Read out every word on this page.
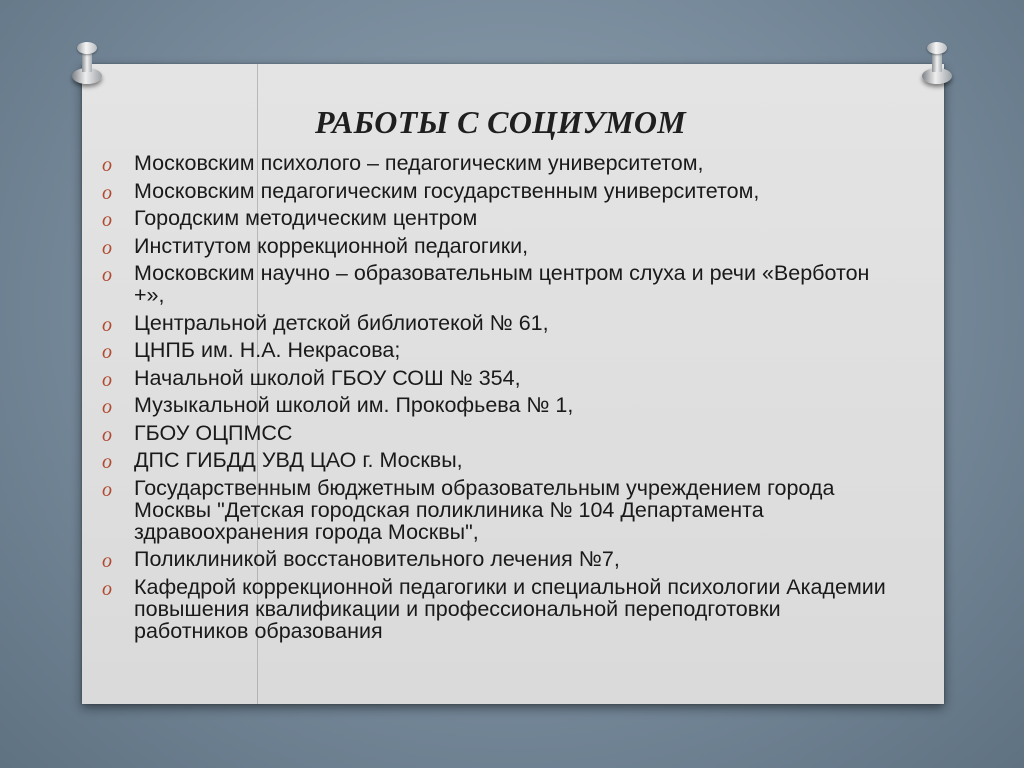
РАБОТЫ С СОЦИУМОМ
o Московским психолого – педагогическим университетом,
o Московским педагогическим государственным университетом,
o Городским методическим центром
o Институтом коррекционной педагогики,
o Московским научно – образовательным центром слуха и речи «Верботон +»,
o Центральной детской библиотекой № 61,
o ЦНПБ им. Н.А. Некрасова;
o Начальной школой ГБОУ СОШ № 354,
o Музыкальной школой им. Прокофьева № 1,
o ГБОУ ОЦПМСС
o ДПС ГИБДД УВД ЦАО г. Москвы,
o Государственным бюджетным образовательным учреждением города Москвы "Детская городская поликлиника № 104 Департамента здравоохранения города Москвы",
o Поликлиникой восстановительного лечения №7,
o Кафедрой коррекционной педагогики и специальной психологии Академии повышения квалификации и профессиональной переподготовки работников образования
